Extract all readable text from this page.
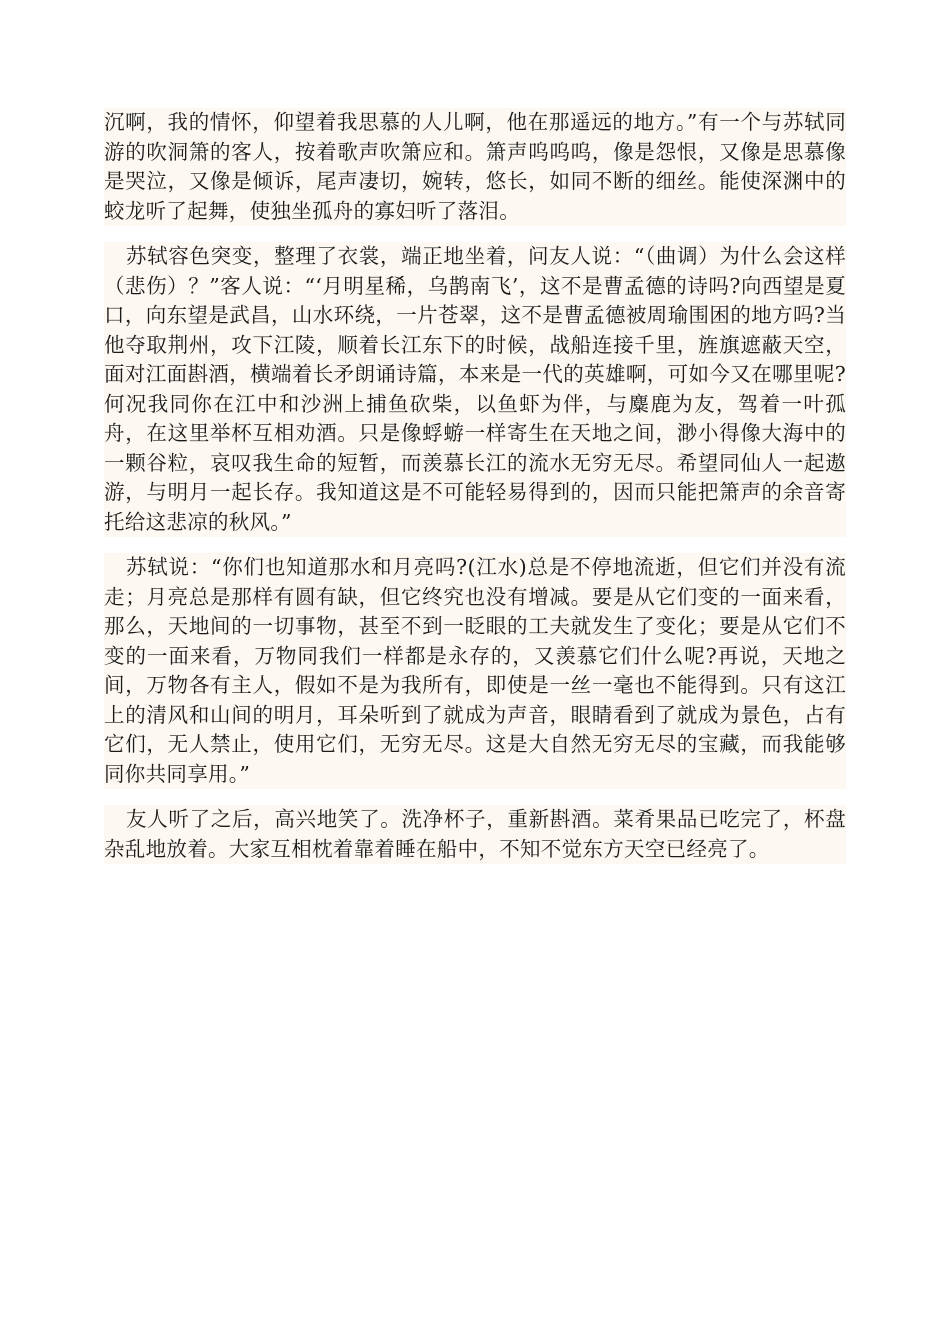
沉啊，我的情怀，仰望着我思慕的人儿啊，他在那遥远的地方。”有一个与苏轼同游的吹洞箫的客人，按着歌声吹箫应和。箫声呜呜呜，像是怨恨，又像是思慕像是哭泣，又像是倾诉，尾声凄切，婉转，悠长，如同不断的细丝。能使深渊中的蛟龙听了起舞，使独坐孤舟的寡妇听了落泪。

苏轼容色突变，整理了衣裳，端正地坐着，问友人说：“（曲调）为什么会这样（悲伤）？”客人说：“‘月明星稀，乌鹊南飞’，这不是曹孟德的诗吗?向西望是夏口，向东望是武昌，山水环绕，一片苍翠，这不是曹孟德被周瑜围困的地方吗?当他夺取荆州，攻下江陵，顺着长江东下的时候，战船连接千里，旌旗遮蔽天空，面对江面斟酒，横端着长矛朗诵诗篇，本来是一代的英雄啊，可如今又在哪里呢?何况我同你在江中和沙洲上捕鱼砍柴，以鱼虾为伴，与麋鹿为友，驾着一叶孤舟，在这里举杯互相劝酒。只是像蜉蝣一样寄生在天地之间，渺小得像大海中的一颗谷粒，哀叹我生命的短暂，而羡慕长江的流水无穷无尽。希望同仙人一起遨游，与明月一起长存。我知道这是不可能轻易得到的，因而只能把箫声的余音寄托给这悲凉的秋风。”

苏轼说：“你们也知道那水和月亮吗?(江水)总是不停地流逝，但它们并没有流走；月亮总是那样有圆有缺，但它终究也没有增减。要是从它们变的一面来看，那么，天地间的一切事物，甚至不到一眨眼的工夫就发生了变化；要是从它们不变的一面来看，万物同我们一样都是永存的，又羡慕它们什么呢?再说，天地之间，万物各有主人，假如不是为我所有，即使是一丝一毫也不能得到。只有这江上的清风和山间的明月，耳朵听到了就成为声音，眼睛看到了就成为景色，占有它们，无人禁止，使用它们，无穷无尽。这是大自然无穷无尽的宝藏，而我能够同你共同享用。”

友人听了之后，高兴地笑了。洗净杯子，重新斟酒。菜肴果品已吃完了，杯盘杂乱地放着。大家互相枕着靠着睡在船中，不知不觉东方天空已经亮了。
